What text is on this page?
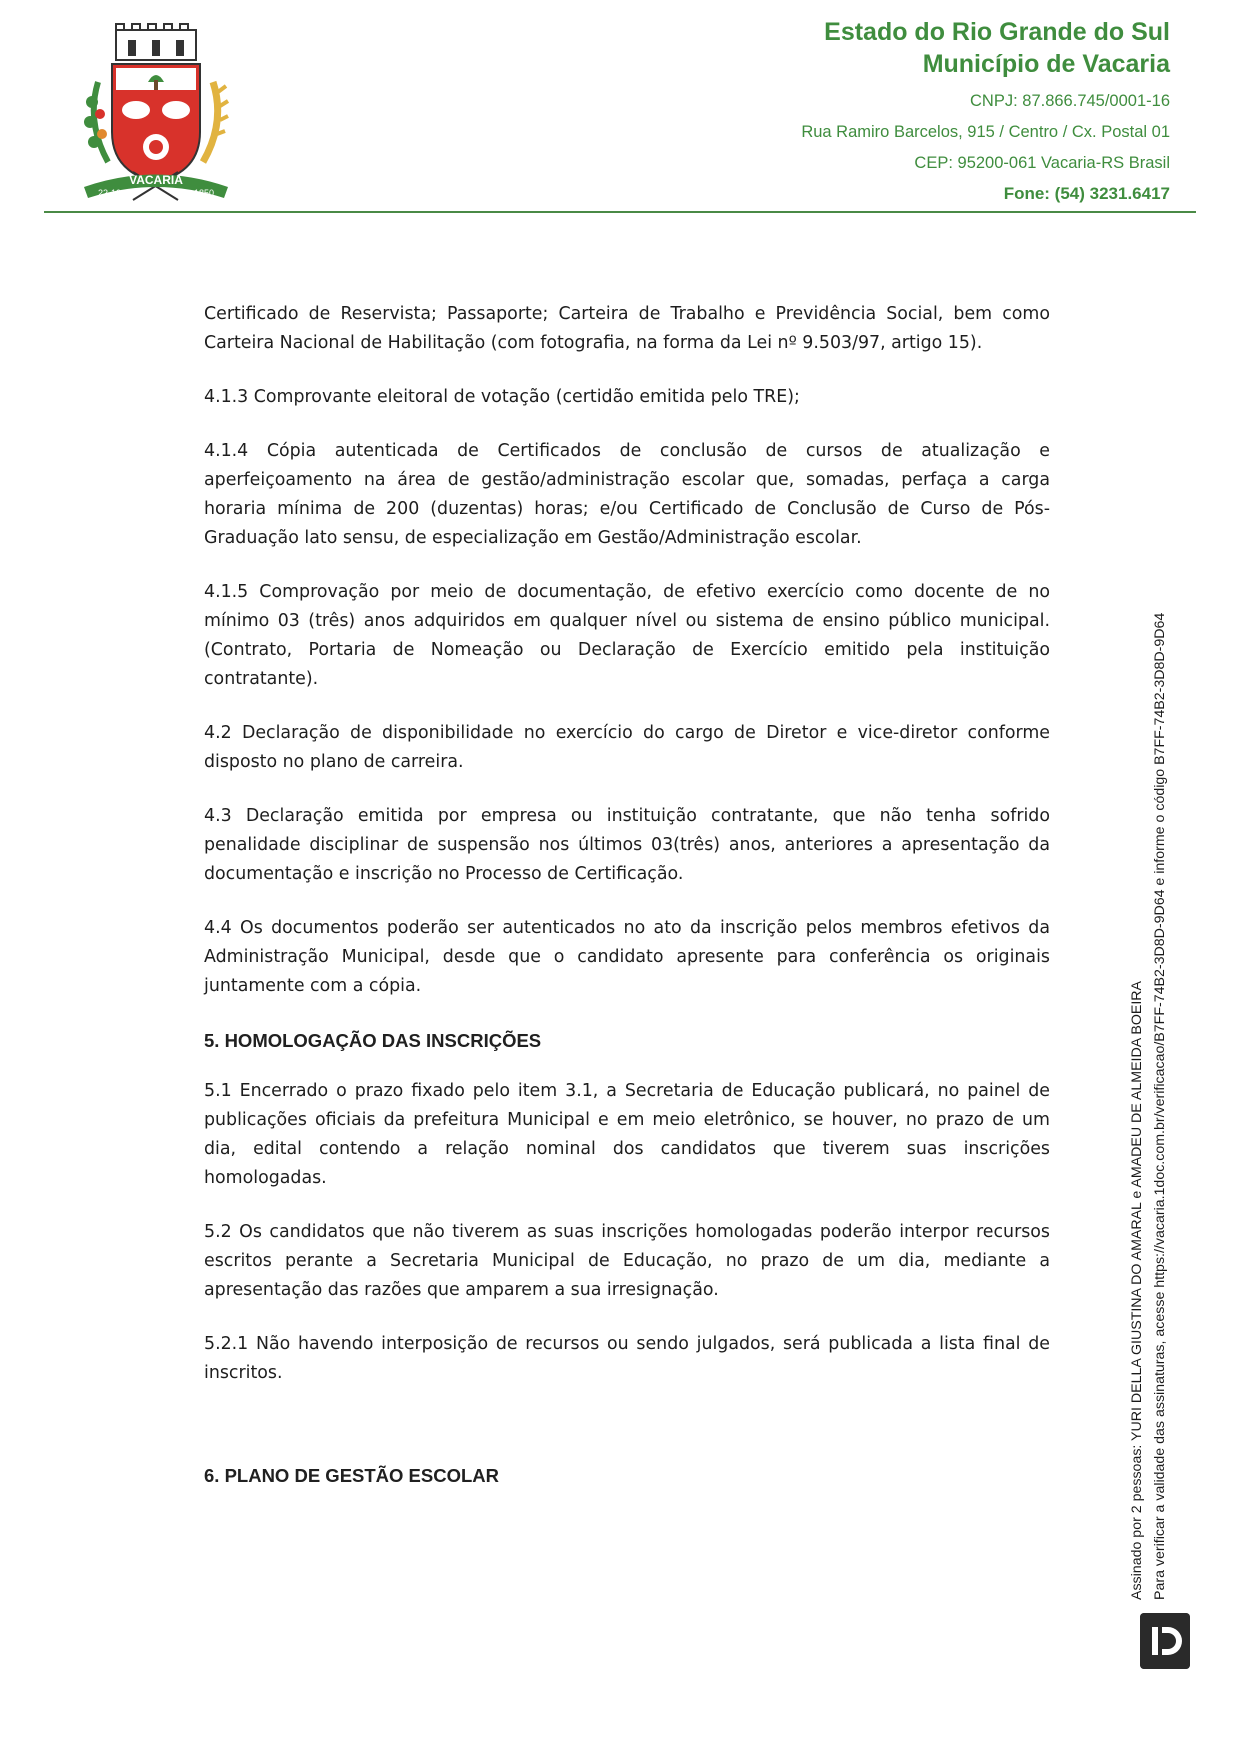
VACARIA
22-10	1850
Estado do Rio Grande do Sul
Município de Vacaria
CNPJ: 87.866.745/0001-16
Rua Ramiro Barcelos, 915 / Centro / Cx. Postal 01
CEP: 95200-061 Vacaria-RS Brasil
Fone: (54) 3231.6417

Certificado de Reservista; Passaporte; Carteira de Trabalho e Previdência Social, bem como Carteira Nacional de Habilitação (com fotografia, na forma da Lei nº 9.503/97, artigo 15).

4.1.3 Comprovante eleitoral de votação (certidão emitida pelo TRE);

4.1.4 Cópia autenticada de Certificados de conclusão de cursos de atualização e aperfeiçoamento na área de gestão/administração escolar que, somadas, perfaça a carga horaria mínima de 200 (duzentas) horas; e/ou Certificado de Conclusão de Curso de Pós-Graduação lato sensu, de especialização em Gestão/Administração escolar.

4.1.5 Comprovação por meio de documentação, de efetivo exercício como docente de no mínimo 03 (três) anos adquiridos em qualquer nível ou sistema de ensino público municipal. (Contrato, Portaria de Nomeação ou Declaração de Exercício emitido pela instituição contratante).

4.2 Declaração de disponibilidade no exercício do cargo de Diretor e vice-diretor conforme disposto no plano de carreira.

4.3 Declaração emitida por empresa ou instituição contratante, que não tenha sofrido penalidade disciplinar de suspensão nos últimos 03(três) anos, anteriores a apresentação da documentação e inscrição no Processo de Certificação.

4.4 Os documentos poderão ser autenticados no ato da inscrição pelos membros efetivos da Administração Municipal, desde que o candidato apresente para conferência os originais juntamente com a cópia.

5. HOMOLOGAÇÃO DAS INSCRIÇÕES

5.1 Encerrado o prazo fixado pelo item 3.1, a Secretaria de Educação publicará, no painel de publicações oficiais da prefeitura Municipal e em meio eletrônico, se houver, no prazo de um dia, edital contendo a relação nominal dos candidatos que tiverem suas inscrições homologadas.

5.2 Os candidatos que não tiverem as suas inscrições homologadas poderão interpor recursos escritos perante a Secretaria Municipal de Educação, no prazo de um dia, mediante a apresentação das razões que amparem a sua irresignação.

5.2.1 Não havendo interposição de recursos ou sendo julgados, será publicada a lista final de inscritos.

6. PLANO DE GESTÃO ESCOLAR	Assinado por 2 pessoas: YURI DELLA GIUSTINA DO AMARAL e AMADEU DE ALMEIDA BOEIRA Para verificar a validade das assinaturas, acesse https://vacaria.1doc.com.br/verificacao/B7FF-74B2-3D8D-9D64 e informe o código B7FF-74B2-3D8D-9D64
